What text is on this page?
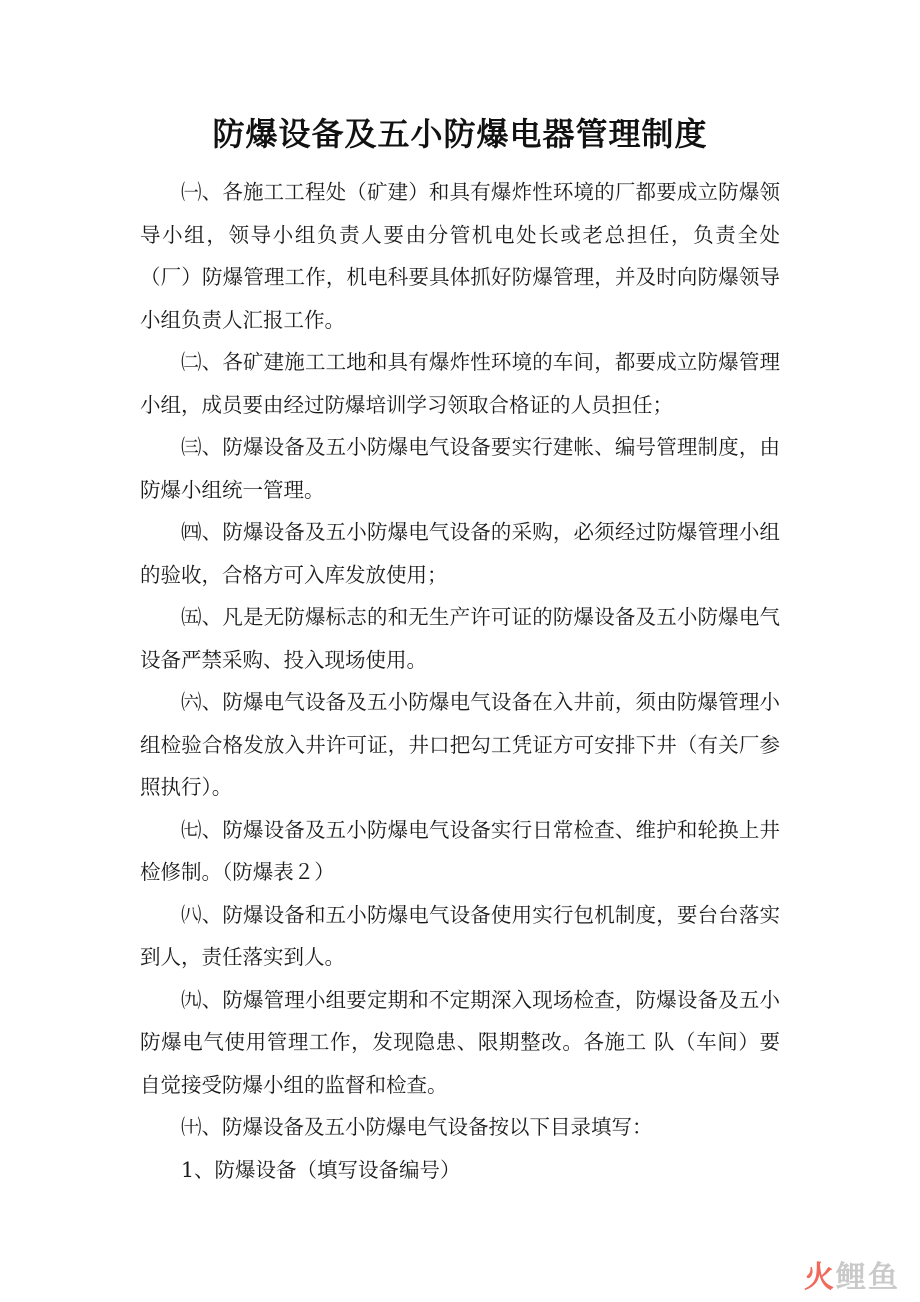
防爆设备及五小防爆电器管理制度

㈠、各施工工程处（矿建）和具有爆炸性环境的厂都要成立防爆领导小组，领导小组负责人要由分管机电处长或老总担任，负责全处（厂）防爆管理工作，机电科要具体抓好防爆管理，并及时向防爆领导小组负责人汇报工作。

㈡、各矿建施工工地和具有爆炸性环境的车间，都要成立防爆管理小组，成员要由经过防爆培训学习领取合格证的人员担任；

㈢、防爆设备及五小防爆电气设备要实行建帐、编号管理制度，由防爆小组统一管理。

㈣、防爆设备及五小防爆电气设备的采购，必须经过防爆管理小组的验收，合格方可入库发放使用；

㈤、凡是无防爆标志的和无生产许可证的防爆设备及五小防爆电气设备严禁采购、投入现场使用。

㈥、防爆电气设备及五小防爆电气设备在入井前，须由防爆管理小组检验合格发放入井许可证，井口把勾工凭证方可安排下井（有关厂参照执行）。

㈦、防爆设备及五小防爆电气设备实行日常检查、维护和轮换上井检修制。（防爆表２）

㈧、防爆设备和五小防爆电气设备使用实行包机制度，要台台落实到人，责任落实到人。

㈨、防爆管理小组要定期和不定期深入现场检查，防爆设备及五小防爆电气使用管理工作，发现隐患、限期整改。各施工 队（车间）要自觉接受防爆小组的监督和检查。

㈩、防爆设备及五小防爆电气设备按以下目录填写：

1、防爆设备（填写设备编号）

火 鲤鱼
